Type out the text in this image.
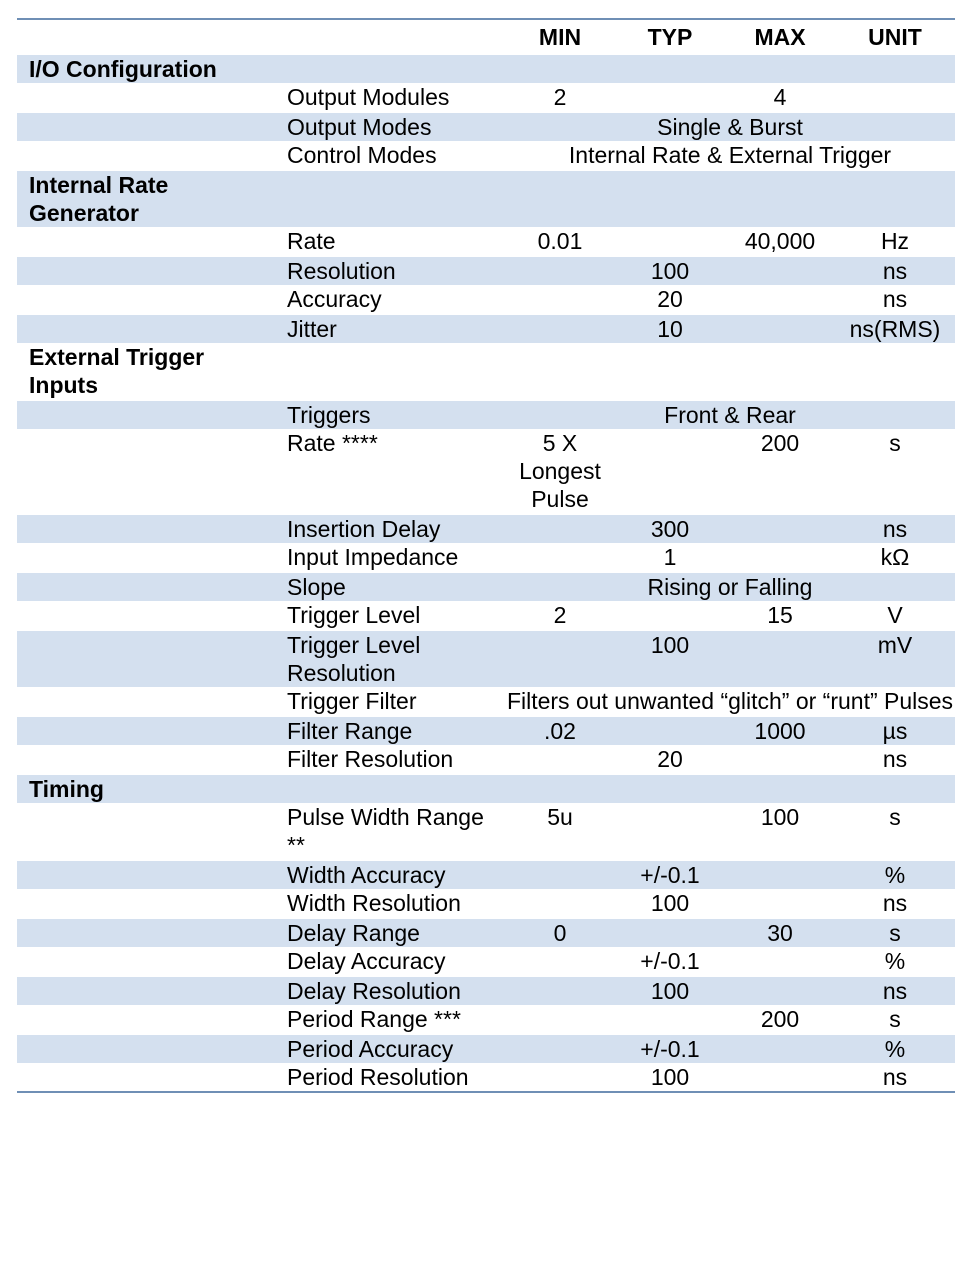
		MIN	TYP	MAX	UNIT
I/O Configuration					
	Output Modules	2		4	
	Output Modes	Single & Burst			
	Control Modes	Internal Rate & External Trigger			
Internal Rate Generator					
	Rate	0.01		40,000	Hz
	Resolution		100		ns
	Accuracy		20		ns
	Jitter		10		ns(RMS)
External Trigger Inputs					
	Triggers	Front & Rear			
	Rate ****	5 X Longest Pulse		200	s
	Insertion Delay		300		ns
	Input Impedance		1		kΩ
	Slope	Rising or Falling			
	Trigger Level	2		15	V
	Trigger Level Resolution		100		mV
	Trigger Filter	Filters out unwanted “glitch” or “runt” Pulses			
	Filter Range	.02		1000	µs
	Filter Resolution		20		ns
Timing					
	Pulse Width Range **	5u		100	s
	Width Accuracy		+/-0.1		%
	Width Resolution		100		ns
	Delay Range	0		30	s
	Delay Accuracy		+/-0.1		%
	Delay Resolution		100		ns
	Period Range ***			200	s
	Period Accuracy		+/-0.1		%
	Period Resolution		100		ns
